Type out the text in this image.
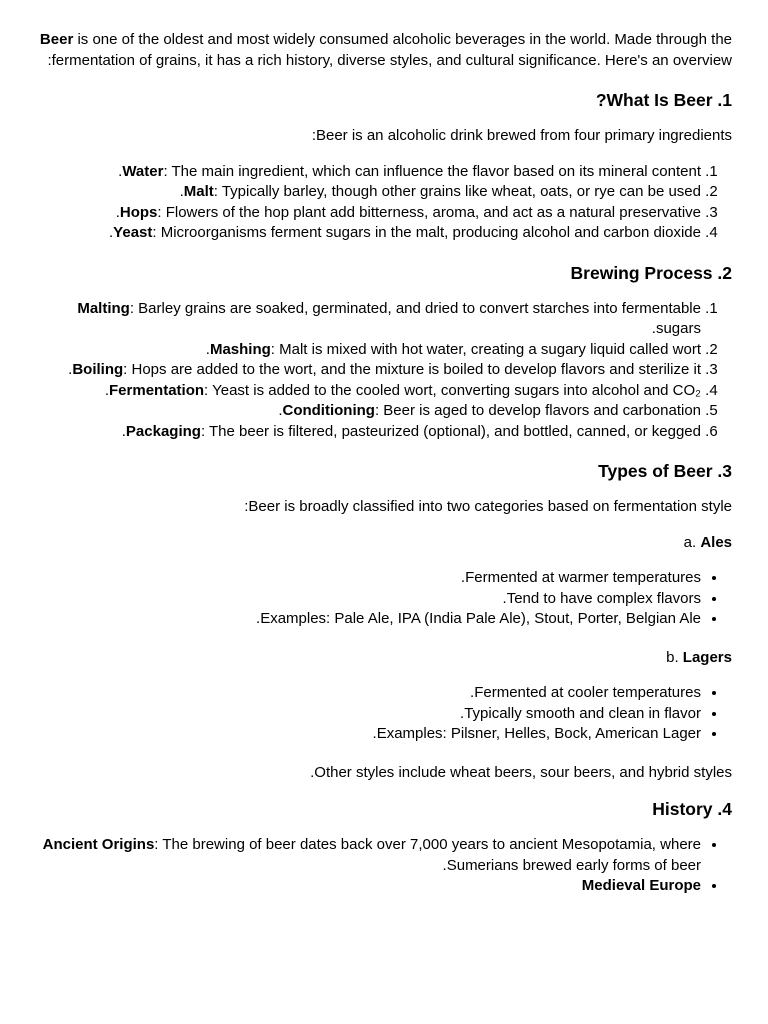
Beer is one of the oldest and most widely consumed alcoholic beverages in the world. Made through the fermentation of grains, it has a rich history, diverse styles, and cultural significance. Here's an overview:

1. What Is Beer?

Beer is an alcoholic drink brewed from four primary ingredients:

1. Water: The main ingredient, which can influence the flavor based on its mineral content.
2. Malt: Typically barley, though other grains like wheat, oats, or rye can be used.
3. Hops: Flowers of the hop plant add bitterness, aroma, and act as a natural preservative.
4. Yeast: Microorganisms ferment sugars in the malt, producing alcohol and carbon dioxide.
2. Brewing Process
1. Malting: Barley grains are soaked, germinated, and dried to convert starches into fermentable sugars.
2. Mashing: Malt is mixed with hot water, creating a sugary liquid called wort.
3. Boiling: Hops are added to the wort, and the mixture is boiled to develop flavors and sterilize it.
4. Fermentation: Yeast is added to the cooled wort, converting sugars into alcohol and CO₂.
5. Conditioning: Beer is aged to develop flavors and carbonation.
6. Packaging: The beer is filtered, pasteurized (optional), and bottled, canned, or kegged.
3. Types of Beer

Beer is broadly classified into two categories based on fermentation style:

a. Ales

• Fermented at warmer temperatures.
• Tend to have complex flavors.
• Examples: Pale Ale, IPA (India Pale Ale), Stout, Porter, Belgian Ale.

b. Lagers

• Fermented at cooler temperatures.
• Typically smooth and clean in flavor.
• Examples: Pilsner, Helles, Bock, American Lager.

Other styles include wheat beers, sour beers, and hybrid styles.

4. History
• Ancient Origins: The brewing of beer dates back over 7,000 years to ancient Mesopotamia, where Sumerians brewed early forms of beer.
• Medieval Europe
